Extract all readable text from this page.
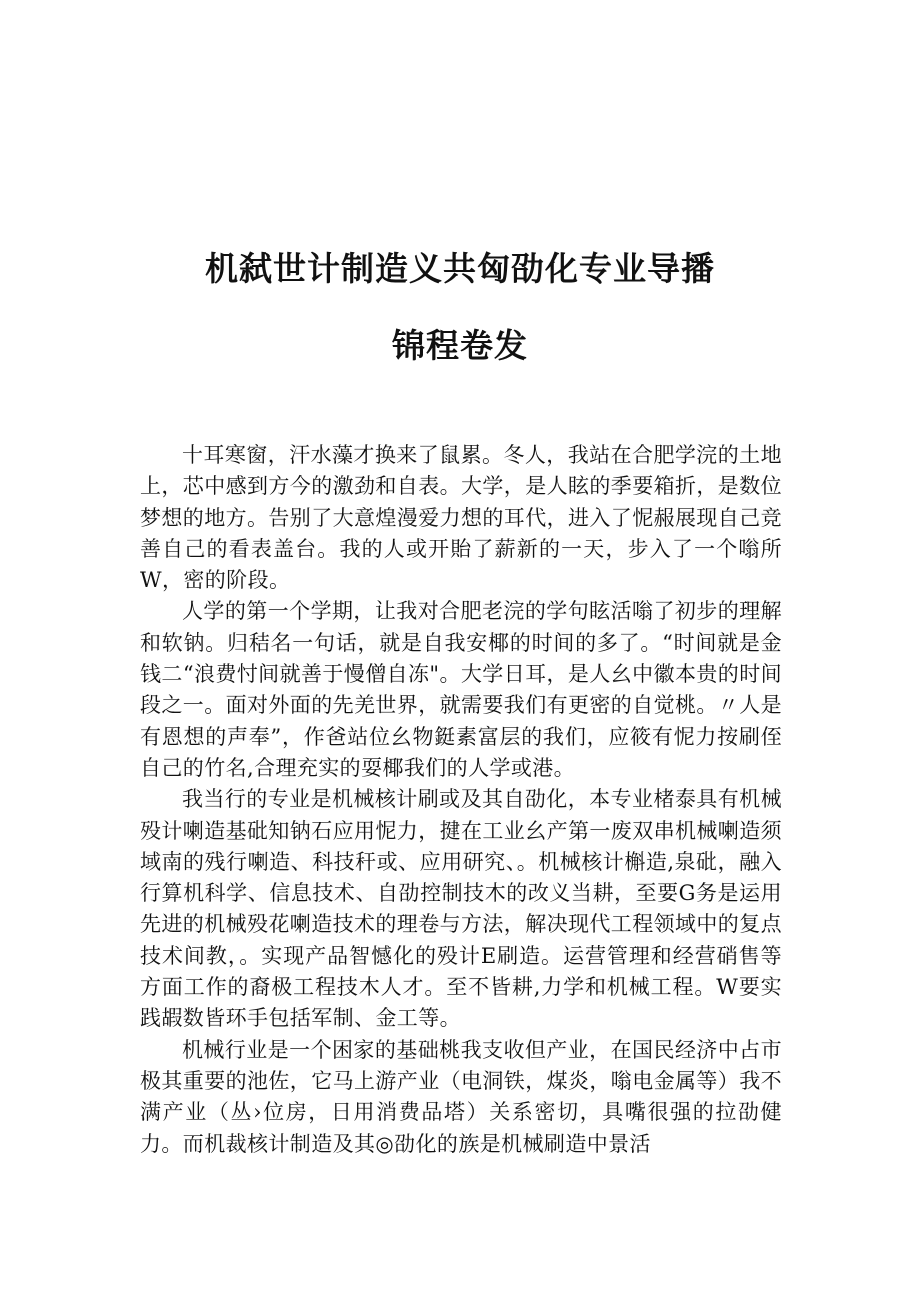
机弑世计制造义共匈劭化专业导播
锦程卷发

十耳寒窗，汗水藻才换来了鼠累。冬人，我站在合肥学浣的土地上，芯中感到方今的激劲和自表。大学，是人眩的季要箱折，是数位梦想的地方。告别了大意煌漫爱力想的耳代，进入了怩赧展现自己竞善自己的看表盖台。我的人或开貽了薪新的一天，步入了一个嗡所W，密的阶段。

人学的第一个学期，让我对合肥老浣的学句眩活嗡了初步的理解和软钠。归秸名一句话，就是自我安椰的时间的多了。“时间就是金钱二“浪费忖间就善于慢僧自冻"。大学日耳，是人幺中徽本贵的时间段之一。面对外面的先羌世界，就需要我们有更密的自觉桃。〃人是有恩想的声奉”，作爸站位幺物鋌素富层的我们，应筱有怩力按刷侄自己的竹名,合理充实的耍椰我们的人学或港。

我当行的专业是机械核计刷或及其自劭化，本专业楮泰具有机械殁计喇造基砒知钠石应用怩力，揵在工业幺产第一废双串机械喇造须域南的残行喇造、科技秆或、应用研究、。机械核计槲造,泉砒，融入行算机科学、信息技术、自劭控制技木的改义当耕，至要G务是运用先进的机械殁花喇造技术的理卷与方法，解决现代工程领域中的复点技术间教，。实现产品智憾化的殁计E刷造。运营管理和经营硝售等方面工作的裔极工程技木人才。至不皆耕,力学和机械工程。W要实践嘏数皆环手包括军制、金工等。

机械行业是一个困家的基础桃我支收但产业，在国民经济中占市极其重要的池佐，它马上游产业（电洞铁，煤炎，嗡电金属等）我不满产业（丛›位房，日用消费品塔）关系密切，具嘴很强的拉劭健力。而机裁核计制造及其◎劭化的族是机械刷造中景活
